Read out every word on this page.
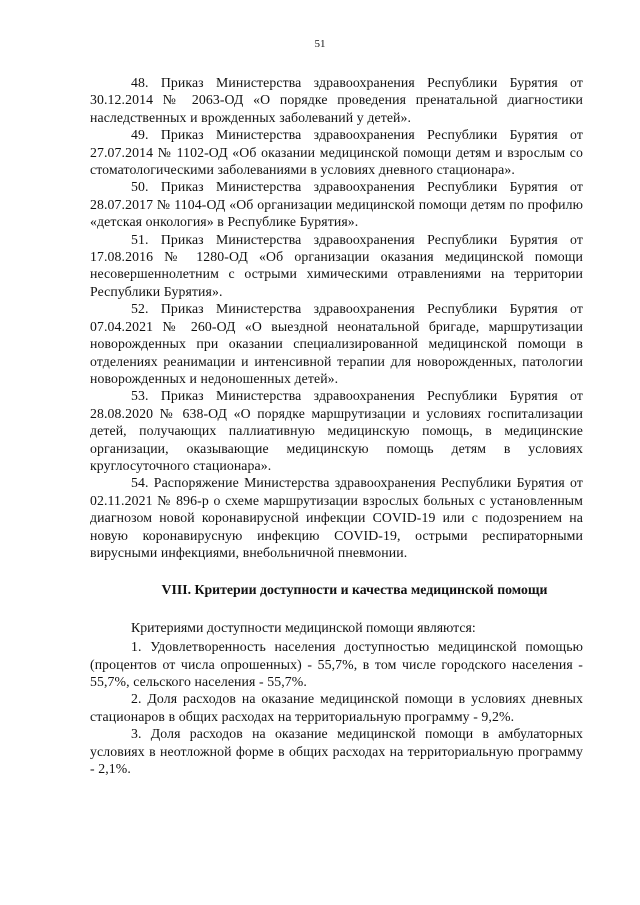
51

48. Приказ Министерства здравоохранения Республики Бурятия от 30.12.2014 № 2063-ОД «О порядке проведения пренатальной диагностики наследственных и врожденных заболеваний у детей».

49. Приказ Министерства здравоохранения Республики Бурятия от 27.07.2014 № 1102-ОД «Об оказании медицинской помощи детям и взрослым со стоматологическими заболеваниями в условиях дневного стационара».

50. Приказ Министерства здравоохранения Республики Бурятия от 28.07.2017 № 1104-ОД «Об организации медицинской помощи детям по профилю «детская онкология» в Республике Бурятия».

51. Приказ Министерства здравоохранения Республики Бурятия от 17.08.2016 № 1280-ОД «Об организации оказания медицинской помощи несовершеннолетним с острыми химическими отравлениями на территории Республики Бурятия».

52. Приказ Министерства здравоохранения Республики Бурятия от 07.04.2021 № 260-ОД «О выездной неонатальной бригаде, маршрутизации новорожденных при оказании специализированной медицинской помощи в отделениях реанимации и интенсивной терапии для новорожденных, патологии новорожденных и недоношенных детей».

53. Приказ Министерства здравоохранения Республики Бурятия от 28.08.2020 № 638-ОД «О порядке маршрутизации и условиях госпитализации детей, получающих паллиативную медицинскую помощь, в медицинские организации, оказывающие медицинскую помощь детям в условиях круглосуточного стационара».

54. Распоряжение Министерства здравоохранения Республики Бурятия от 02.11.2021 № 896-р о схеме маршрутизации взрослых больных с установленным диагнозом новой коронавирусной инфекции COVID-19 или с подозрением на новую коронавирусную инфекцию COVID-19, острыми респираторными вирусными инфекциями, внебольничной пневмонии.

VIII. Критерии доступности и качества медицинской помощи

Критериями доступности медицинской помощи являются:

1. Удовлетворенность населения доступностью медицинской помощью (процентов от числа опрошенных) - 55,7%, в том числе городского населения - 55,7%, сельского населения - 55,7%.

2. Доля расходов на оказание медицинской помощи в условиях дневных стационаров в общих расходах на территориальную программу - 9,2%.

3. Доля расходов на оказание медицинской помощи в амбулаторных условиях в неотложной форме в общих расходах на территориальную программу - 2,1%.
